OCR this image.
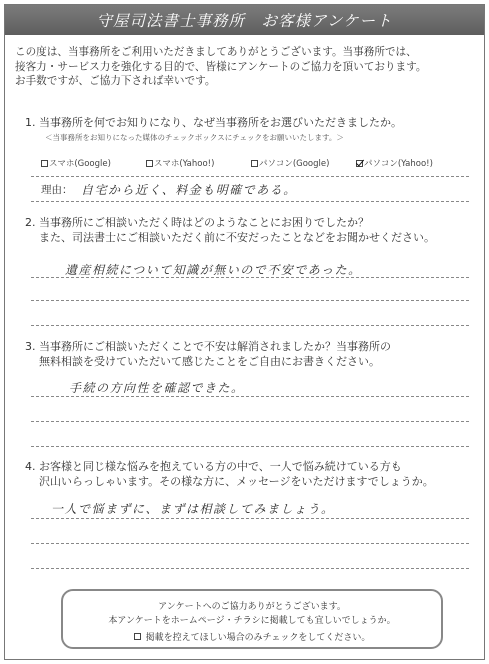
守屋司法書士事務所　お客様アンケート

この度は、当事務所をご利用いただきましてありがとうございます。当事務所では、

接客力・サービス力を強化する目的で、皆様にアンケートのご協力を頂いております。

お手数ですが、ご協力下されば幸いです。

1. 当事務所を何でお知りになり、なぜ当事務所をお選びいただきましたか。
＜当事務所をお知りになった媒体のチェックボックスにチェックをお願いいたします。＞
スマホ(Google)	スマホ(Yahoo!)	パソコン(Google)	パソコン(Yahoo!)
理由： 自宅から近く、料金も明確である。
2. 当事務所にご相談いただく時はどのようなことにお困りでしたか？
また、司法書士にご相談いただく前に不安だったことなどをお聞かせください。
遺産相続について知識が無いので不安であった。
3. 当事務所にご相談いただくことで不安は解消されましたか？当事務所の
無料相談を受けていただいて感じたことをご自由にお書きください。
手続の方向性を確認できた。
4. お客様と同じ様な悩みを抱えている方の中で、一人で悩み続けている方も
沢山いらっしゃいます。その様な方に、メッセージをいただけますでしょうか。
一人で悩まずに、まずは相談してみましょう。
アンケートへのご協力ありがとうございます。
本アンケートをホームページ・チラシに掲載しても宜しいでしょうか。
掲載を控えてほしい場合のみチェックをしてください。
